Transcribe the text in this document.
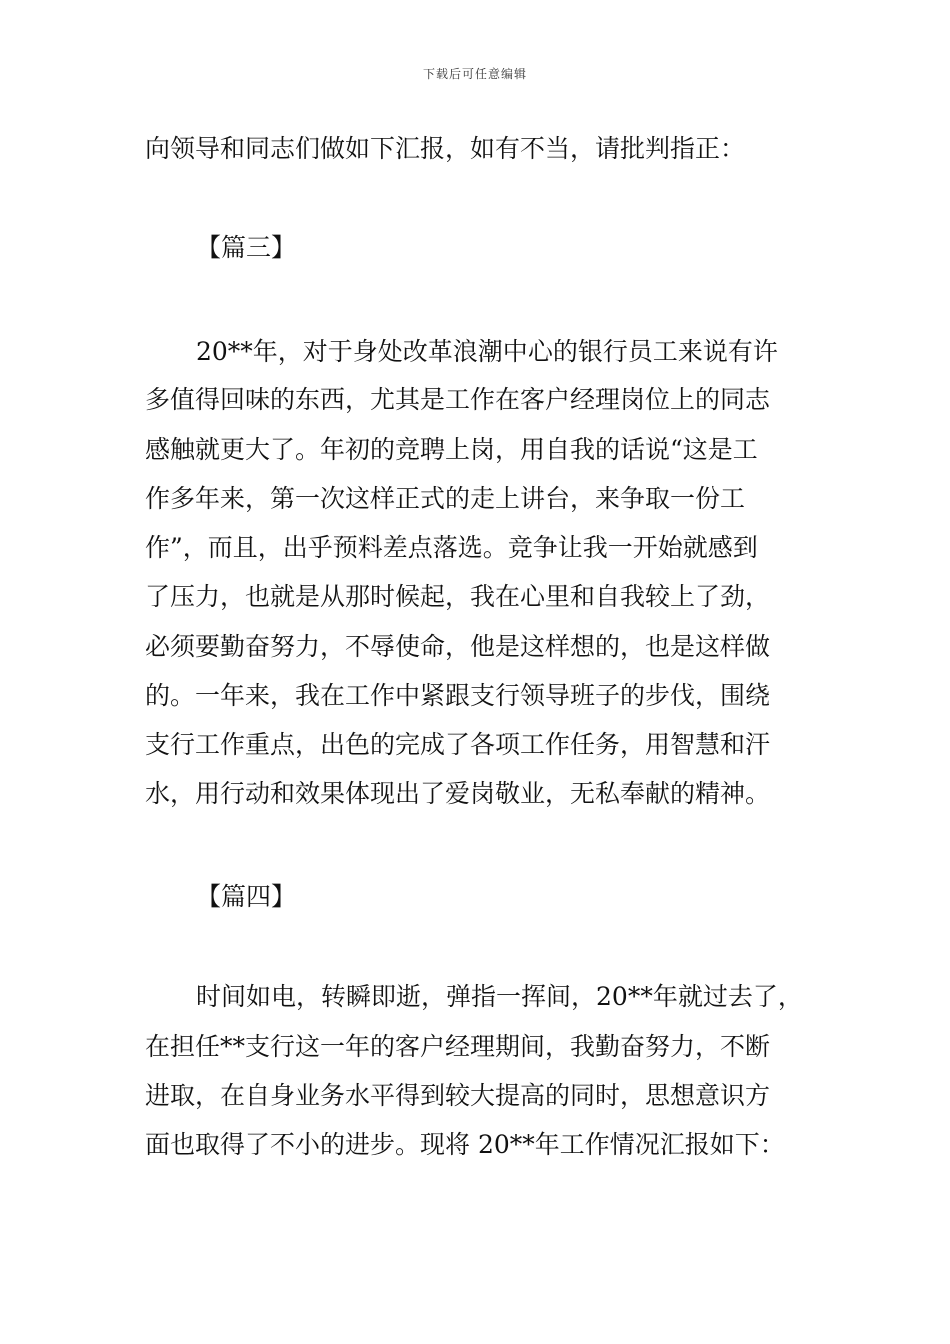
下载后可任意编辑
向领导和同志们做如下汇报，如有不当，请批判指正：
【篇三】
20**年，对于身处改革浪潮中心的银行员工来说有许
多值得回味的东西，尤其是工作在客户经理岗位上的同志
感触就更大了。年初的竞聘上岗，用自我的话说“这是工
作多年来，第一次这样正式的走上讲台，来争取一份工
作”，而且，出乎预料差点落选。竞争让我一开始就感到
了压力，也就是从那时候起，我在心里和自我较上了劲，
必须要勤奋努力，不辱使命，他是这样想的，也是这样做
的。一年来，我在工作中紧跟支行领导班子的步伐，围绕
支行工作重点，出色的完成了各项工作任务，用智慧和汗
水，用行动和效果体现出了爱岗敬业，无私奉献的精神。
【篇四】
时间如电，转瞬即逝，弹指一挥间，20**年就过去了，
在担任**支行这一年的客户经理期间，我勤奋努力，不断
进取，在自身业务水平得到较大提高的同时，思想意识方
面也取得了不小的进步。现将 20**年工作情况汇报如下：
